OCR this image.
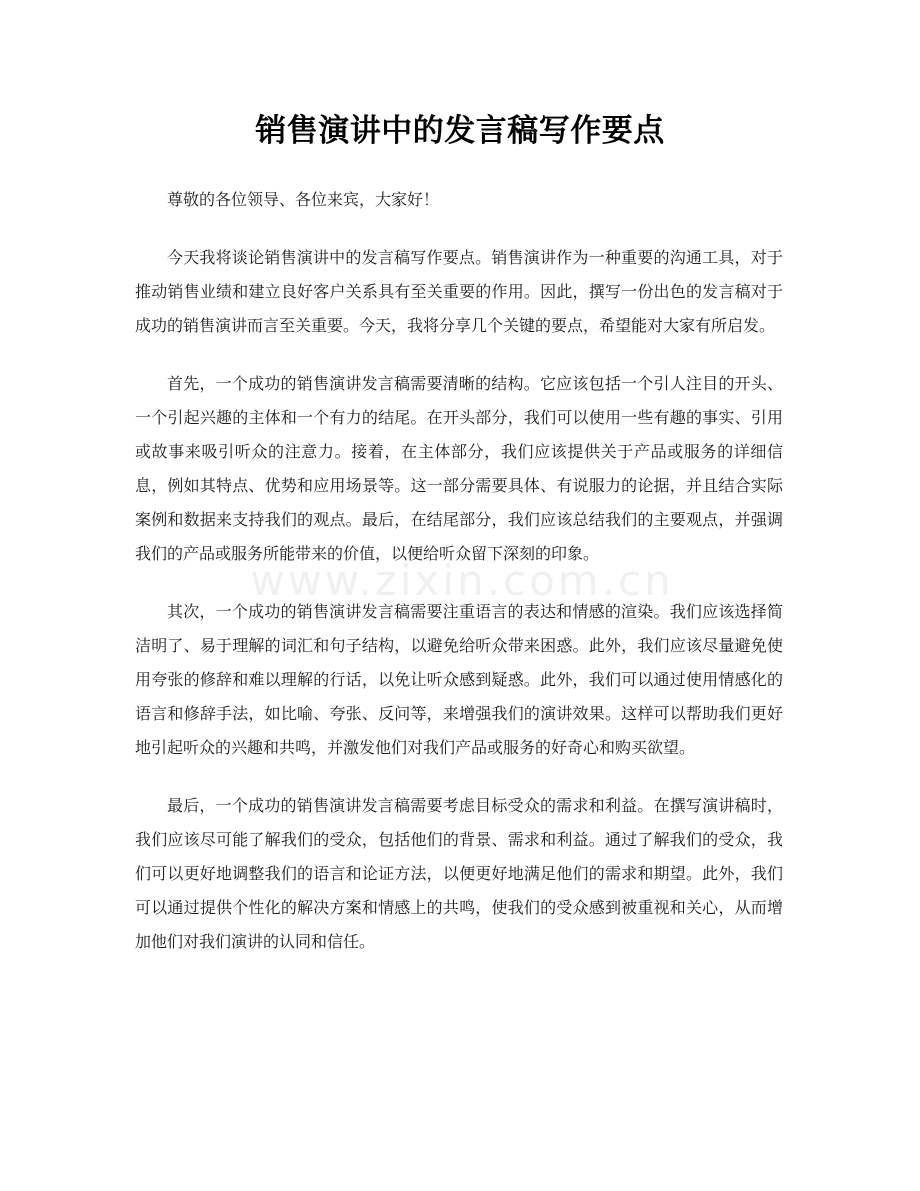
www.zixin.com.cn
销售演讲中的发言稿写作要点

尊敬的各位领导、各位来宾，大家好！

今天我将谈论销售演讲中的发言稿写作要点。销售演讲作为一种重要的沟通工具，对于推动销售业绩和建立良好客户关系具有至关重要的作用。因此，撰写一份出色的发言稿对于成功的销售演讲而言至关重要。今天，我将分享几个关键的要点，希望能对大家有所启发。

首先，一个成功的销售演讲发言稿需要清晰的结构。它应该包括一个引人注目的开头、一个引起兴趣的主体和一个有力的结尾。在开头部分，我们可以使用一些有趣的事实、引用或故事来吸引听众的注意力。接着，在主体部分，我们应该提供关于产品或服务的详细信息，例如其特点、优势和应用场景等。这一部分需要具体、有说服力的论据，并且结合实际案例和数据来支持我们的观点。最后，在结尾部分，我们应该总结我们的主要观点，并强调我们的产品或服务所能带来的价值，以便给听众留下深刻的印象。

其次，一个成功的销售演讲发言稿需要注重语言的表达和情感的渲染。我们应该选择简洁明了、易于理解的词汇和句子结构，以避免给听众带来困惑。此外，我们应该尽量避免使用夸张的修辞和难以理解的行话，以免让听众感到疑惑。此外，我们可以通过使用情感化的语言和修辞手法，如比喻、夸张、反问等，来增强我们的演讲效果。这样可以帮助我们更好地引起听众的兴趣和共鸣，并激发他们对我们产品或服务的好奇心和购买欲望。

最后，一个成功的销售演讲发言稿需要考虑目标受众的需求和利益。在撰写演讲稿时，我们应该尽可能了解我们的受众，包括他们的背景、需求和利益。通过了解我们的受众，我们可以更好地调整我们的语言和论证方法，以便更好地满足他们的需求和期望。此外，我们可以通过提供个性化的解决方案和情感上的共鸣，使我们的受众感到被重视和关心，从而增加他们对我们演讲的认同和信任。
